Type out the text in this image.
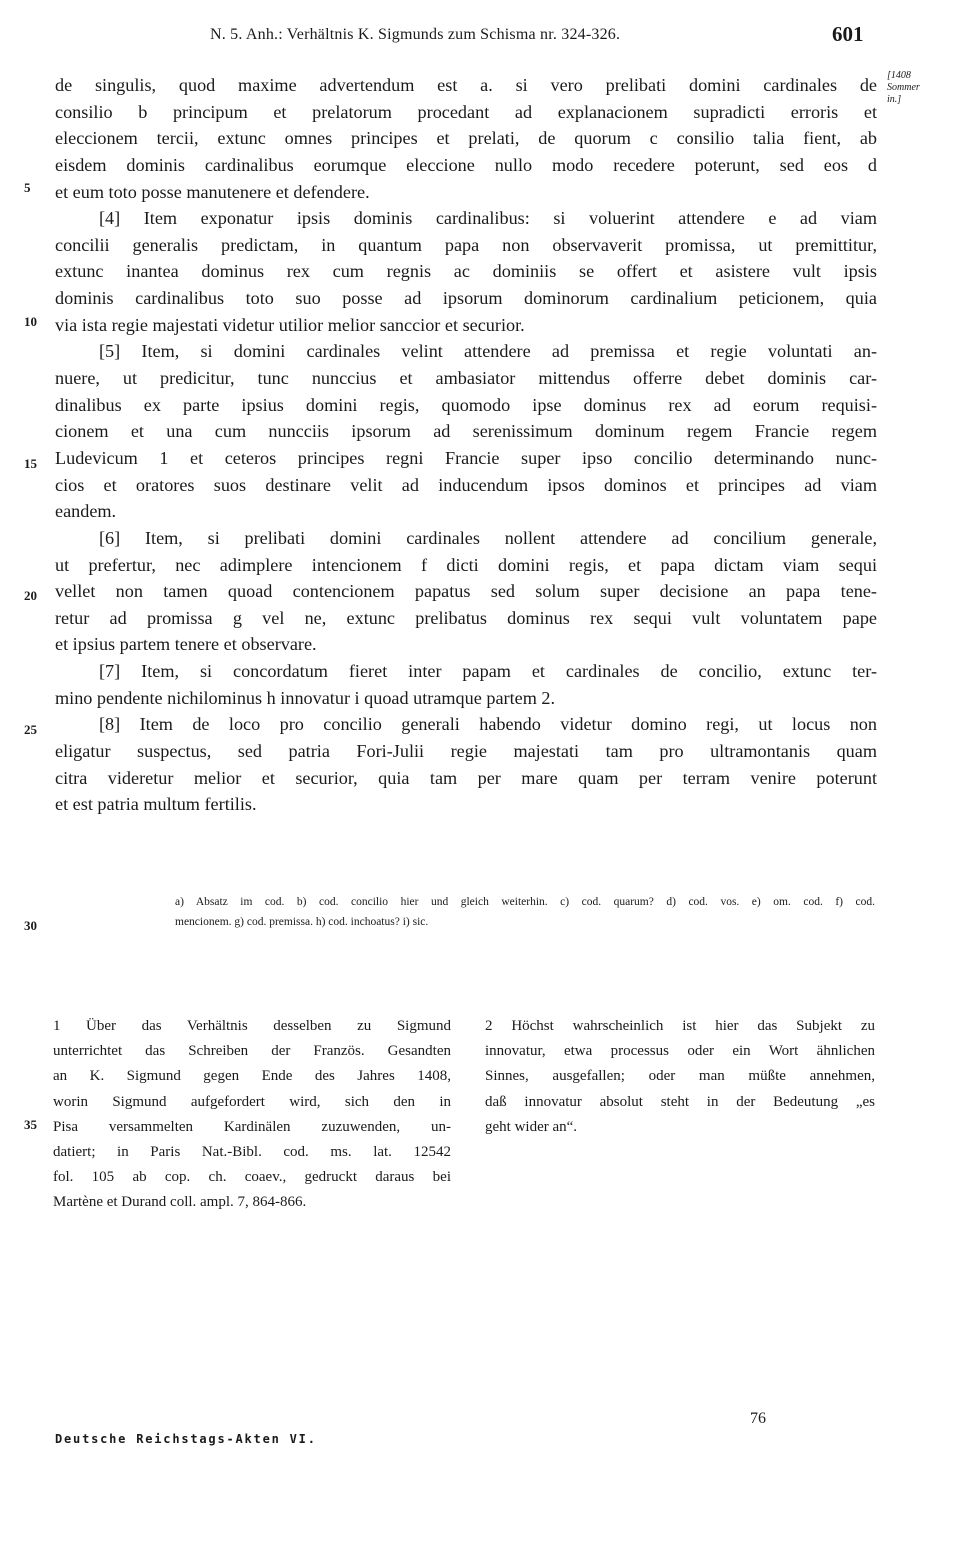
N. 5. Anh.: Verhältnis K. Sigmunds zum Schisma nr. 324-326.	601
[1408
Sommer
in.]
de singulis, quod maxime advertendum est a. si vero prelibati domini cardinales de
consilio b principum et prelatorum procedant ad explanacionem supradicti erroris et
eleccionem tercii, extunc omnes principes et prelati, de quorum c consilio talia fient, ab
eisdem dominis cardinalibus eorumque eleccione nullo modo recedere poterunt, sed eos d
et eum toto posse manutenere et defendere.
[4] Item exponatur ipsis dominis cardinalibus: si voluerint attendere e ad viam
concilii generalis predictam, in quantum papa non observaverit promissa, ut premittitur,
extunc inantea dominus rex cum regnis ac dominiis se offert et asistere vult ipsis
dominis cardinalibus toto suo posse ad ipsorum dominorum cardinalium peticionem, quia
via ista regie majestati videtur utilior melior sanccior et securior.
[5] Item, si domini cardinales velint attendere ad premissa et regie voluntati an-
nuere, ut predicitur, tunc nunccius et ambasiator mittendus offerre debet dominis car-
dinalibus ex parte ipsius domini regis, quomodo ipse dominus rex ad eorum requisi-
cionem et una cum nuncciis ipsorum ad serenissimum dominum regem Francie regem
Ludevicum 1 et ceteros principes regni Francie super ipso concilio determinando nunc-
cios et oratores suos destinare velit ad inducendum ipsos dominos et principes ad viam
eandem.
[6] Item, si prelibati domini cardinales nollent attendere ad concilium generale,
ut prefertur, nec adimplere intencionem f dicti domini regis, et papa dictam viam sequi
vellet non tamen quoad contencionem papatus sed solum super decisione an papa tene-
retur ad promissa g vel ne, extunc prelibatus dominus rex sequi vult voluntatem pape
et ipsius partem tenere et observare.
[7] Item, si concordatum fieret inter papam et cardinales de concilio, extunc ter-
mino pendente nichilominus h innovatur i quoad utramque partem 2.
[8] Item de loco pro concilio generali habendo videtur domino regi, ut locus non
eligatur suspectus, sed patria Fori-Julii regie majestati tam pro ultramontanis quam
citra videretur melior et securior, quia tam per mare quam per terram venire poterunt
et est patria multum fertilis.
5
10
15
20
25
30
35
a) Absatz im cod. b) cod. concilio hier und gleich weiterhin. c) cod. quarum? d) cod. vos. e) om. cod. f) cod.
mencionem. g) cod. premissa. h) cod. inchoatus? i) sic.
1 Über das Verhältnis desselben zu Sigmund
unterrichtet das Schreiben der Französ. Gesandten
an K. Sigmund gegen Ende des Jahres 1408,
worin Sigmund aufgefordert wird, sich den in
Pisa versammelten Kardinälen zuzuwenden, un-
datiert; in Paris Nat.-Bibl. cod. ms. lat. 12542
fol. 105 ab cop. ch. coaev., gedruckt daraus bei
Martène et Durand coll. ampl. 7, 864-866.
2 Höchst wahrscheinlich ist hier das Subjekt zu
innovatur, etwa processus oder ein Wort ähnlichen
Sinnes, ausgefallen; oder man müßte annehmen,
daß innovatur absolut steht in der Bedeutung „es
geht wider an“.
Deutsche Reichstags-Akten VI.
76
